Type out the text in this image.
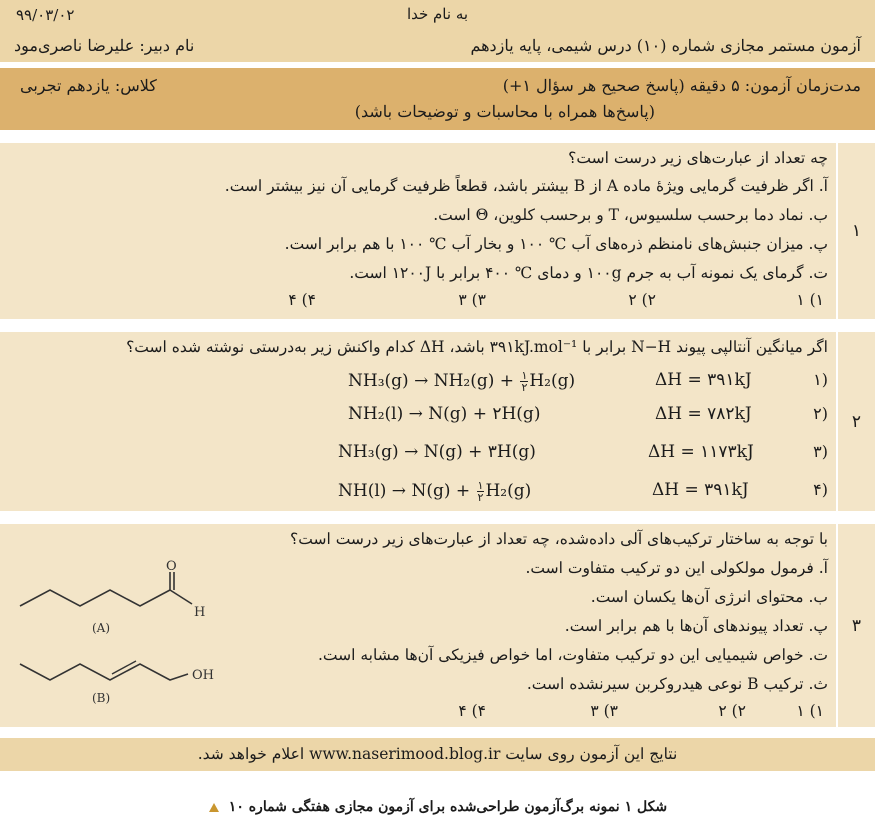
به نام خدا
۹۹/۰۳/۰۲
آزمون مستمر مجازی شماره (۱۰) درس شیمی، پایه یازدهم
نام دبیر: علیرضا ناصری‌مود
مدت‌زمان آزمون: ۵ دقیقه (پاسخ صحیح هر سؤال ۱+)
کلاس: یازدهم تجربی
(پاسخ‌ها همراه با محاسبات و توضیحات باشد)
چه تعداد از عبارت‌های زیر درست است؟
آ. اگر ظرفیت گرمایی ویژهٔ ماده A از B بیشتر باشد، قطعاً ظرفیت گرمایی آن نیز بیشتر است.
ب. نماد دما برحسب سلسیوس، T و برحسب کلوین، Θ است.
پ. میزان جنبش‌های نامنظم ذره‌های آب ℃ ۱۰۰ و بخار آب ℃ ۱۰۰ با هم برابر است.
ت. گرمای یک نمونه آب به جرم ۱۰۰g و دمای ℃ ۴۰۰ برابر با ۱۲۰۰J است.
۱) ۱
۲) ۲
۳) ۳
۴) ۴
۱
اگر میانگین آنتالپی پیوند N−H برابر با ۳۹۱kJ.mol⁻¹ باشد، ΔH کدام واکنش زیر به‌درستی نوشته شده است؟
$NH_3(g) \to NH_2(g) + \frac{۱}{۲} H_2(g)$	ΔH = ۳۹۱kJ	(۱
NH₂(l) → N(g) + ۲H(g)	ΔH = ۷۸۲kJ	(۲
NH₃(g) → N(g) + ۳H(g)	ΔH = ۱۱۷۳kJ	(۳
$NH(l) \to N(g) + \frac{۱}{۲} H_2(g)$	ΔH = ۳۹۱kJ	(۴
۲
با توجه به ساختار ترکیب‌های آلی داده‌شده، چه تعداد از عبارت‌های زیر درست است؟
آ. فرمول مولکولی این دو ترکیب متفاوت است.
ب. محتوای انرژی آن‌ها یکسان است.
پ. تعداد پیوندهای آن‌ها با هم برابر است.
ت. خواص شیمیایی این دو ترکیب متفاوت، اما خواص فیزیکی آن‌ها مشابه است.
ث. ترکیب B نوعی هیدروکربن سیرنشده است.
۱) ۱
۲) ۲
۳) ۳
۴) ۴
O
H
(A)
OH
(B)
۳
نتایج این آزمون روی سایت www.naserimood.blog.ir اعلام خواهد شد.
شکل ۱ نمونه برگ‌آزمون طراحی‌شده برای آزمون مجازی هفتگی شماره ۱۰
